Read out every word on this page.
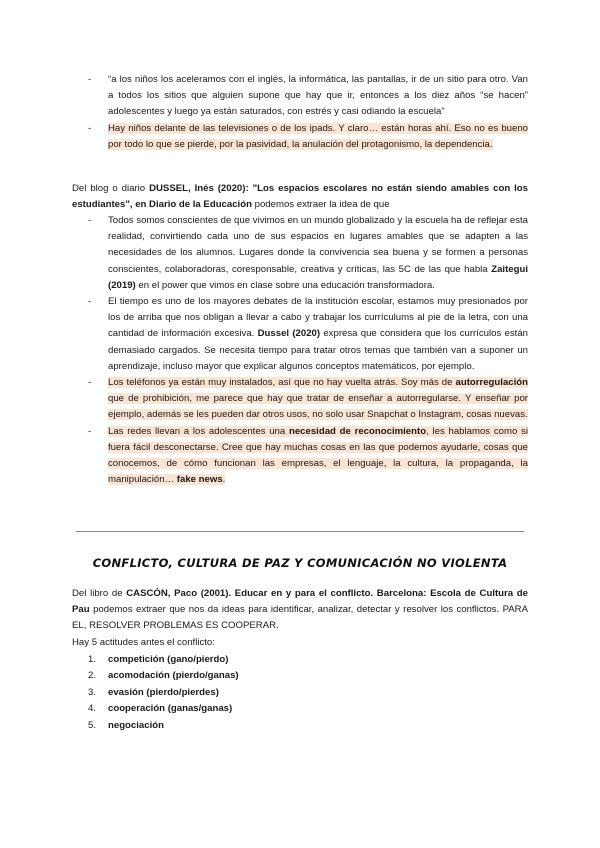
- “a los niños los aceleramos con el inglés, la informática, las pantallas, ir de un sitio para otro. Van a todos los sitios que alguien supone que hay que ir, entonces a los diez años “se hacen” adolescentes y luego ya están saturados, con estrés y casi odiando la escuela”
- Hay niños delante de las televisiones o de los ipads. Y claro… están horas ahí. Eso no es bueno por todo lo que se pierde, por la pasividad, la anulación del protagonismo, la dependencia.
Del blog o diario DUSSEL, Inés (2020): "Los espacios escolares no están siendo amables con los estudiantes", en Diario de la Educación podemos extraer la idea de que
- Todos somos conscientes de que vivimos en un mundo globalizado y la escuela ha de reflejar esta realidad, convirtiendo cada uno de sus espacios en lugares amables que se adapten a las necesidades de los alumnos. Lugares donde la convivencia sea buena y se formen a personas conscientes, colaboradoras, coresponsable, creativa y críticas, las 5C de las que habla Zaitegui (2019) en el power que vimos en clase sobre una educación transformadora.
- El tiempo es uno de los mayores debates de la institución escolar, estamos muy presionados por los de arriba que nos obligan a llevar a cabo y trabajar los currículums al pie de la letra, con una cantidad de información excesiva. Dussel (2020) expresa que considera que los currículos están demasiado cargados. Se necesita tiempo para tratar otros temas que también van a suponer un aprendizaje, incluso mayor que explicar algunos conceptos matemáticos, por ejemplo.
- Los teléfonos ya están muy instalados, así que no hay vuelta atrás. Soy más de autorregulación que de prohibición, me parece que hay que tratar de enseñar a autorregularse. Y enseñar por ejemplo, además se les pueden dar otros usos, no solo usar Snapchat o Instagram, cosas nuevas.
- Las redes llevan a los adolescentes una necesidad de reconocimiento, les hablamos como si fuera fácil desconectarse. Cree que hay muchas cosas en las que podemos ayudarle, cosas que conocemos, de cómo funcionan las empresas, el lenguaje, la cultura, la propaganda, la manipulación… fake news.
CONFLICTO, CULTURA DE PAZ Y COMUNICACIÓN NO VIOLENTA
Del libro de CASCÓN, Paco (2001). Educar en y para el conflicto. Barcelona: Escola de Cultura de Pau podemos extraer que nos da ideas para identificar, analizar, detectar y resolver los conflictos. PARA EL, RESOLVER PROBLEMAS ES COOPERAR.
Hay 5 actitudes antes el conflicto:
1. competición (gano/pierdo)
2. acomodación (pierdo/ganas)
3. evasión (pierdo/pierdes)
4. cooperación (ganas/ganas)
5. negociación
